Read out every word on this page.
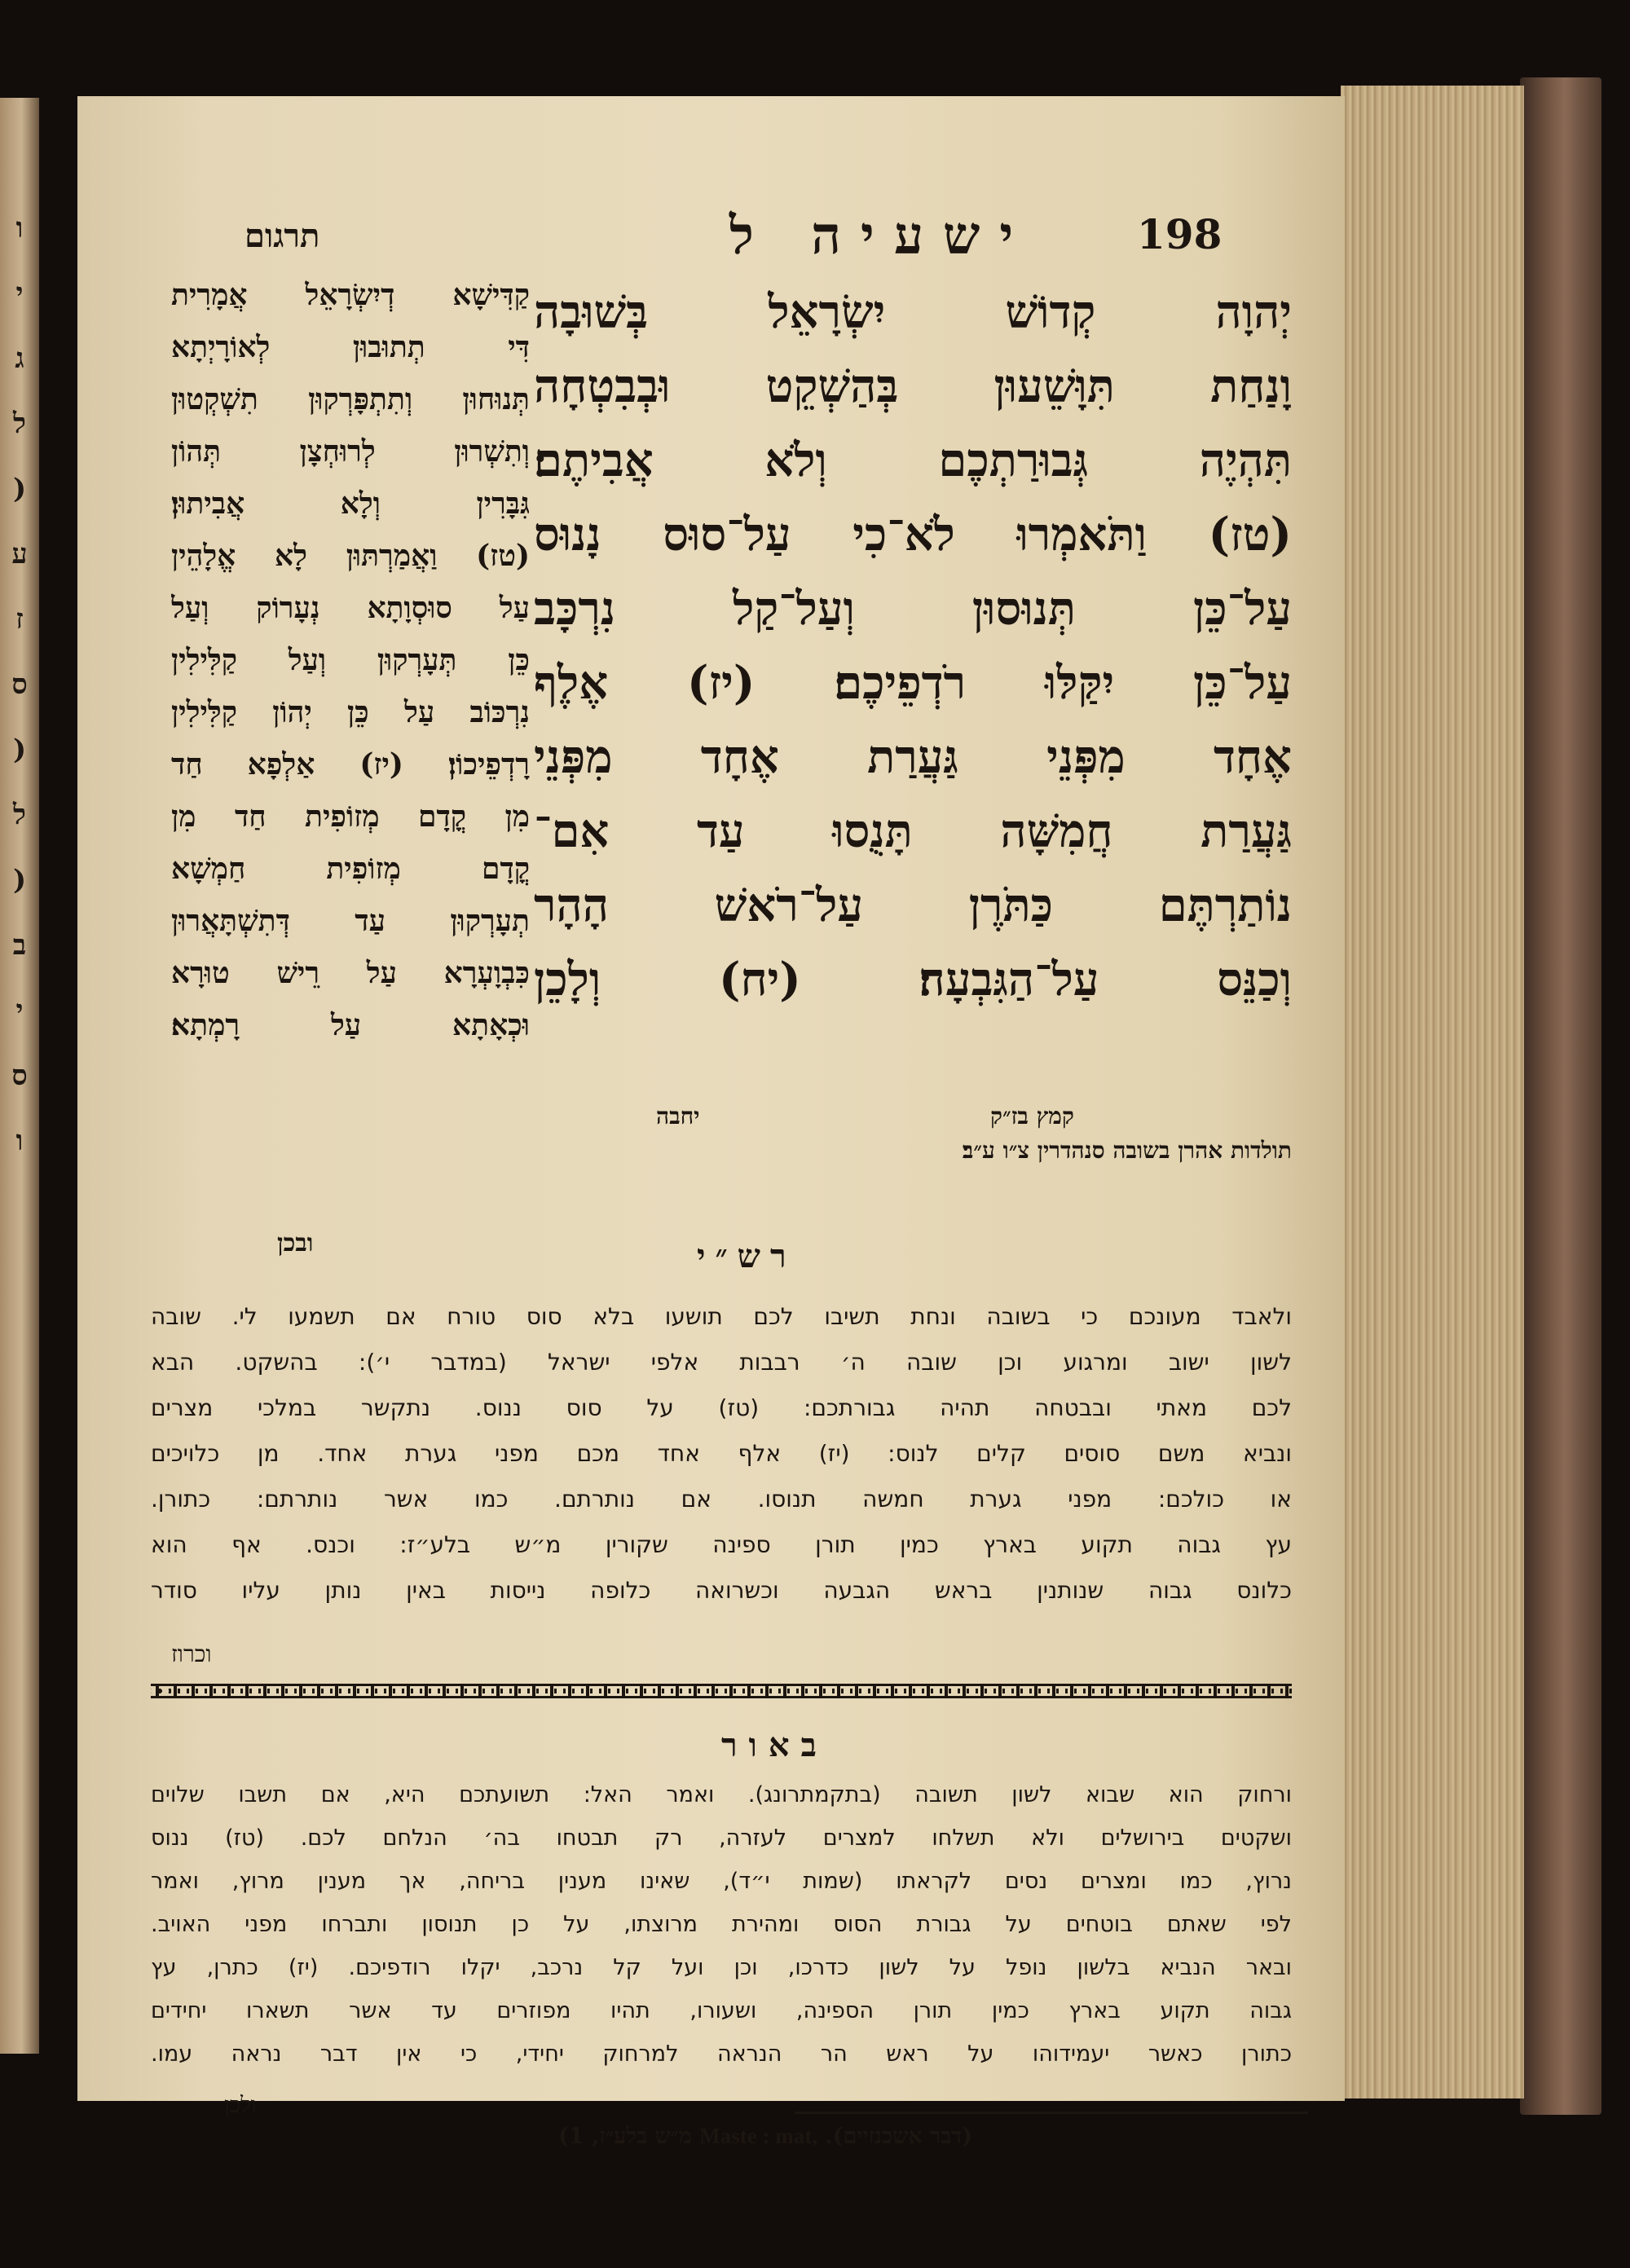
ו
י
ג
ל
(
ע
ז
ס
(
ל
(
ב
י
ס
ו
198
ישעיה ל
תרגום
יְהוָה קְדוֹשׁ יִשְׂרָאֵל בְּשׁוּבָה
וָנַחַת תִּוָּשֵׁעוּן בְּהַשְׁקֵט וּבְבִטְחָה
תִּהְיֶה גְּבוּרַתְכֶם וְלֹא אֲבִיתֶם׃
(טז) וַתֹּאמְרוּ לֹא־כִי עַל־סוּס נָנוּס
עַל־כֵּן תְּנוּסוּן וְעַל־קַל נִרְכָּב
עַל־כֵּן יִקַּלּוּ רֹדְפֵיכֶם׃ (יז) אֶלֶף
אֶחָד מִפְּנֵי גַּעֲרַת אֶחָד מִפְּנֵי
גַּעֲרַת חֲמִשָּׁה תָּנֻסוּ עַד אִם־
נוֹתַרְתֶּם כַּתֹּרֶן עַל־רֹאשׁ הָהָר
וְכַנֵּס עַל־הַגִּבְעָה׃ (יח) וְלָכֵן
קַדִּישָׁא דְיִשְׂרָאֵל אֲמָרִית
דִּי תְתוּבוּן לְאוֹרָיְתָא
תְּנוּחוּן וְתִתְפָּרְקוּן תִשְׁקְטוּן
וְתִשְׁרוּן לְרוּחְצָן תְּהוֹן
גִּבָּרִין וְלָא אֲבִיתוּן׃
(טז) וַאֲמַרְתּוּן לָא אֱלָהֵין
עַל סוּסְוָתָא נְעָרוֹק וְעַל
כֵּן תְּעָרְקוּן וְעַל קַלִּילִין
נִרְכּוֹב עַל כֵּן יְהוֹן קַלִּילִין
רָדְפֵיכוֹן׃ (יז) אַלְפָא חַד
מִן קֳדָם מְזוֹפִית חַד מִן
קֳדָם מְזוֹפִית חַמְשָׁא
תְעָרְקוּן עַד דְּתִשְׁתָּאֲרוּן
כִּבְוָעְרָא עַל רֵישׁ טוּרָא
וּכְאָתָא עַל רָמְתָא׃
ובכן
יחבה	קמץ בז״ק
תולדות אהרן בשובה סנהדרין צ״ו ע״ב׃
רש״י
ולאבד מעונכם כי בשובה ונחת תשיבו לכם תושעו בלא סוס טורח אם תשמעו לי. שובה
לשון ישוב ומרגוע וכן שובה ה׳ רבבות אלפי ישראל (במדבר י׳): בהשקט. הבא
לכם מאתי ובבטחה תהיה גבורתכם: (טז) על סוס ננוס. נתקשר במלכי מצרים
ונביא משם סוסים קלים לנוס: (יז) אלף אחד מכם מפני גערת אחד. מן כלויכים
או כולכם: מפני גערת חמשה תנוסו. אם נותרתם. כמו אשר נותרתם: כתורן.
עץ גבוה תקוע בארץ כמין תורן ספינה שקורין מ״ש בלע״ז: וכנס. אף הוא
כלונס גבוה שנותנין בראש הגבעה וכשרואה כלופה נייסות באין נותן עליו סודר
וכרוז
באור
ורחוק הוא שבוא לשון תשובה (בתקמתרונג). ואמר האל: תשועתכם היא, אם תשבו שלוים
ושקטים בירושלים ולא תשלחו למצרים לעזרה, רק תבטחו בה׳ הנלחם לכם. (טז) ננוס
נרוץ, כמו ומצרים נסים לקראתו (שמות י״ד), שאינו מענין בריחה, אך מענין מרוץ, ואמר
לפי שאתם בוטחים על גבורת הסוס ומהירת מרוצתו, על כן תנוסון ותברחו מפני האויב.
ובאר הנביא בלשון נופל על לשון כדרכו, וכן ועל קל נרכב, יקלו רודפיכם. (יז) כתרן, עץ
גבוה תקוע בארץ כמין תורן הספינה, ושעורו, תהיו מפוזרים עד אשר תשארו יחידים
כתורן כאשר יעמידוהו על ראש הר הנראה למרחוק יחידי, כי אין דבר נראה עמו.
ולכן
(דבר אשכנזיים). Maste : mat, מ״ש בלע״ז, 1)
